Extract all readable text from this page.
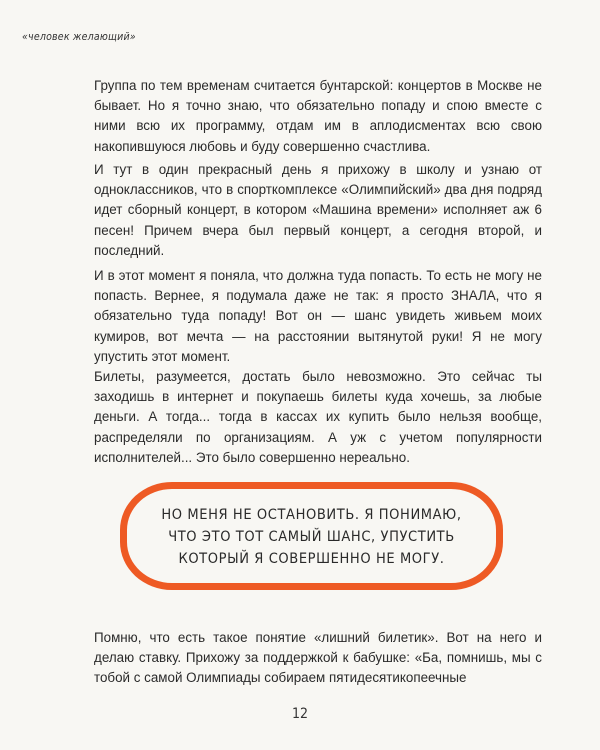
«человек желающий»

Группа по тем временам считается бунтарской: концертов в Москве не бывает. Но я точно знаю, что обязательно попаду и спою вместе с ними всю их программу, отдам им в аплодисментах всю свою накопившуюся любовь и буду совершенно счастлива.

И тут в один прекрасный день я прихожу в школу и узнаю от одноклассников, что в спорткомплексе «Олимпийский» два дня подряд идет сборный концерт, в котором «Машина времени» исполняет аж 6 песен! Причем вчера был первый концерт, а сегодня второй, и последний.

И в этот момент я поняла, что должна туда попасть. То есть не могу не попасть. Вернее, я подумала даже не так: я просто ЗНАЛА, что я обязательно туда попаду! Вот он — шанс увидеть живьем моих кумиров, вот мечта — на расстоянии вытянутой руки! Я не могу упустить этот момент.

Билеты, разумеется, достать было невозможно. Это сейчас ты заходишь в интернет и покупаешь билеты куда хочешь, за любые деньги. А тогда... тогда в кассах их купить было нельзя вообще, распределяли по организациям. А уж с учетом популярности исполнителей... Это было совершенно нереально.

НО МЕНЯ НЕ ОСТАНОВИТЬ. Я ПОНИМАЮ,
ЧТО ЭТО ТОТ САМЫЙ ШАНС, УПУСТИТЬ
КОТОРЫЙ Я СОВЕРШЕННО НЕ МОГУ.

Помню, что есть такое понятие «лишний билетик». Вот на него и делаю ставку. Прихожу за поддержкой к бабушке: «Ба, помнишь, мы с тобой с самой Олимпиады собираем пятидесятикопеечные

12
